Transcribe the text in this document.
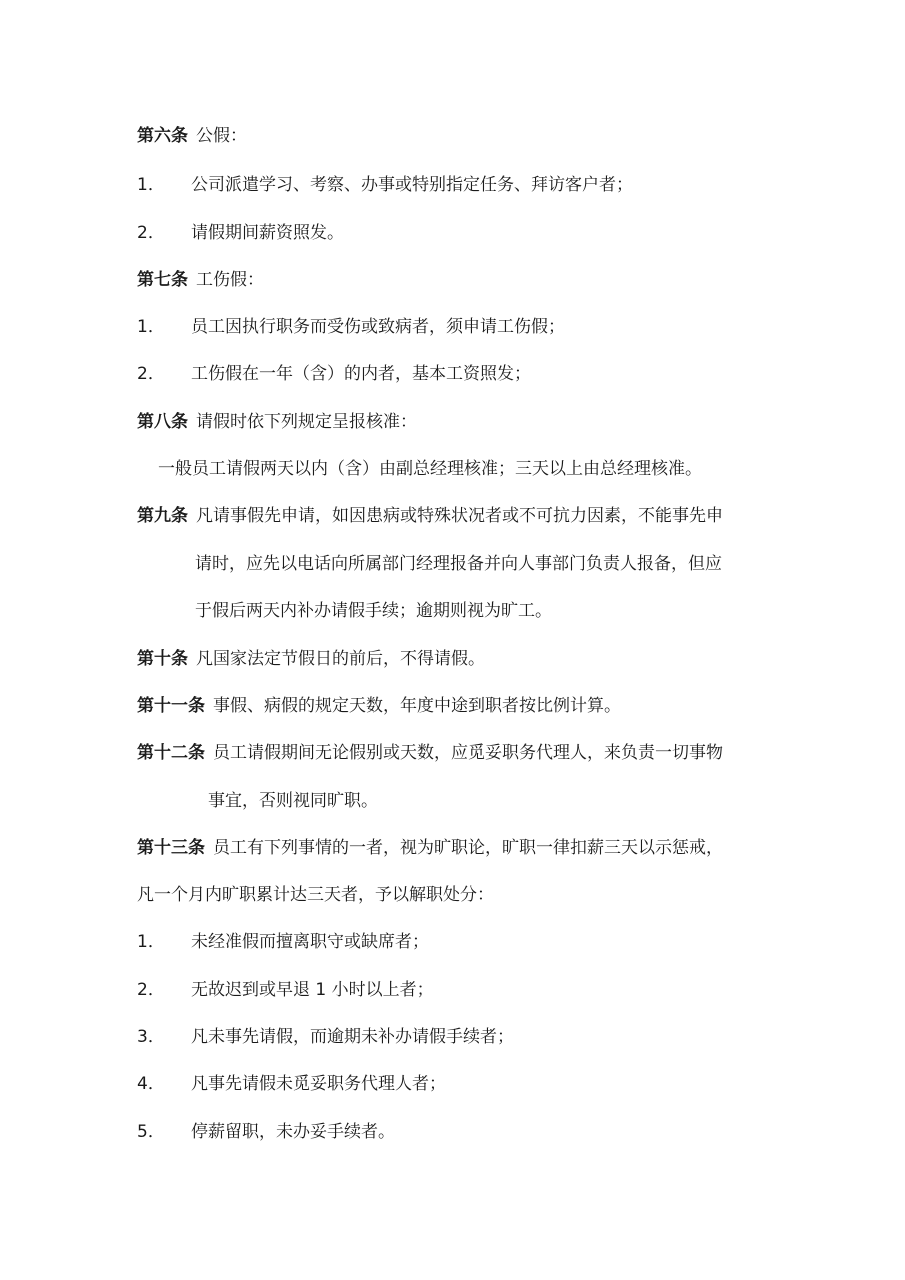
第六条 公假：
1． 公司派遣学习、考察、办事或特别指定任务、拜访客户者；
2． 请假期间薪资照发。
第七条 工伤假：
1． 员工因执行职务而受伤或致病者，须申请工伤假；
2． 工伤假在一年（含）的内者，基本工资照发；
第八条 请假时依下列规定呈报核准：
一般员工请假两天以内（含）由副总经理核准；三天以上由总经理核准。
第九条 凡请事假先申请，如因患病或特殊状况者或不可抗力因素，不能事先申
请时，应先以电话向所属部门经理报备并向人事部门负责人报备，但应
于假后两天内补办请假手续；逾期则视为旷工。
第十条 凡国家法定节假日的前后，不得请假。
第十一条 事假、病假的规定天数，年度中途到职者按比例计算。
第十二条 员工请假期间无论假别或天数，应觅妥职务代理人，来负责一切事物
事宜，否则视同旷职。
第十三条 员工有下列事情的一者，视为旷职论，旷职一律扣薪三天以示惩戒，
凡一个月内旷职累计达三天者，予以解职处分：
1． 未经准假而擅离职守或缺席者；
2． 无故迟到或早退 1 小时以上者；
3． 凡未事先请假，而逾期未补办请假手续者；
4． 凡事先请假未觅妥职务代理人者；
5． 停薪留职，未办妥手续者。
